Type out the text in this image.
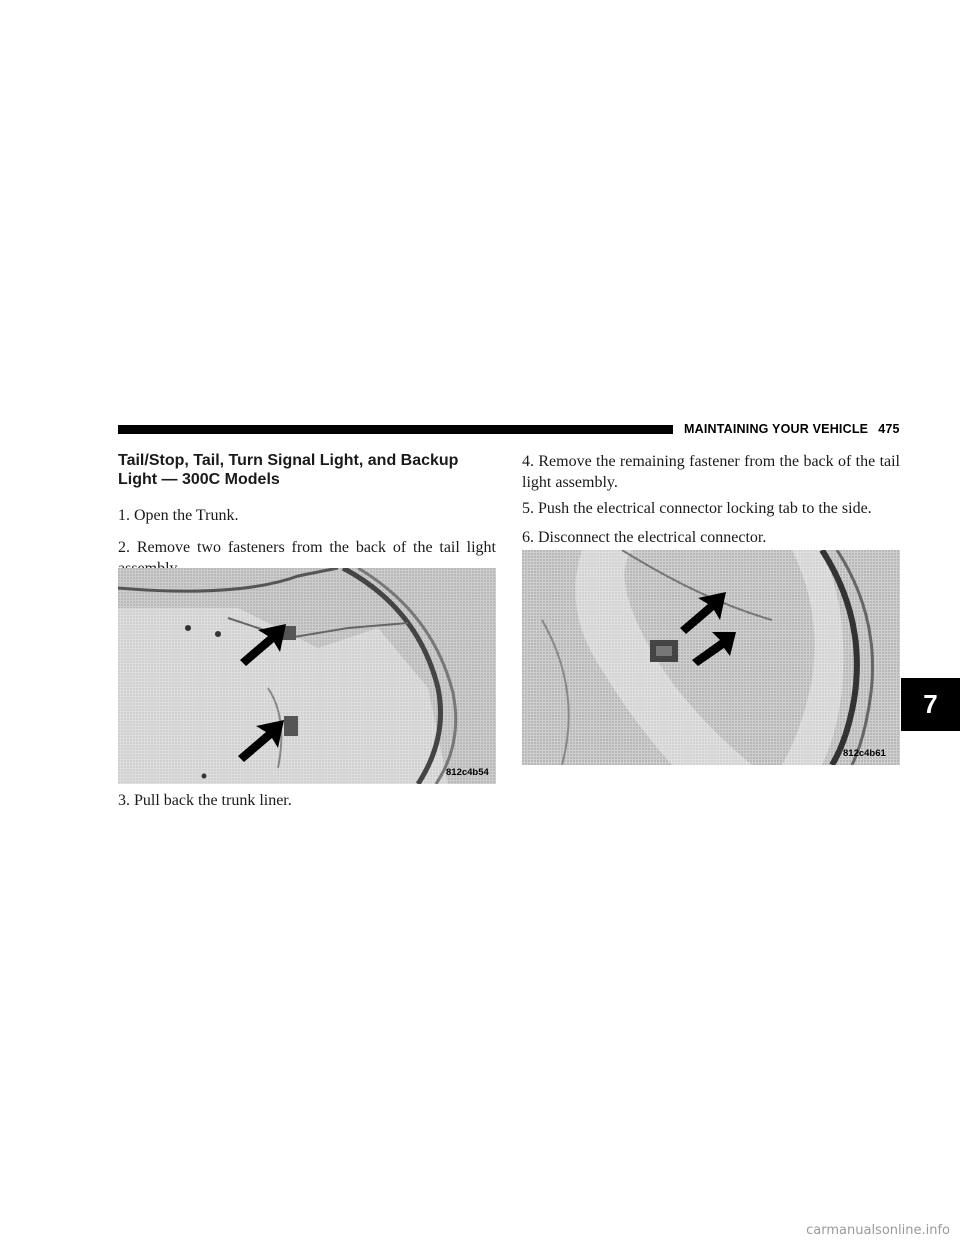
MAINTAINING YOUR VEHICLE 475
Tail/Stop, Tail, Turn Signal Light, and Backup Light — 300C Models
1. Open the Trunk.
2. Remove two fasteners from the back of the tail light
812c4b54
3. Pull back the trunk liner.
4. Remove the remaining fastener from the back of the tail light assembly.
5. Push the electrical connector locking tab to the side.
6. Disconnect the electrical connector.
812c4b61
7
carmanualsonline.info
